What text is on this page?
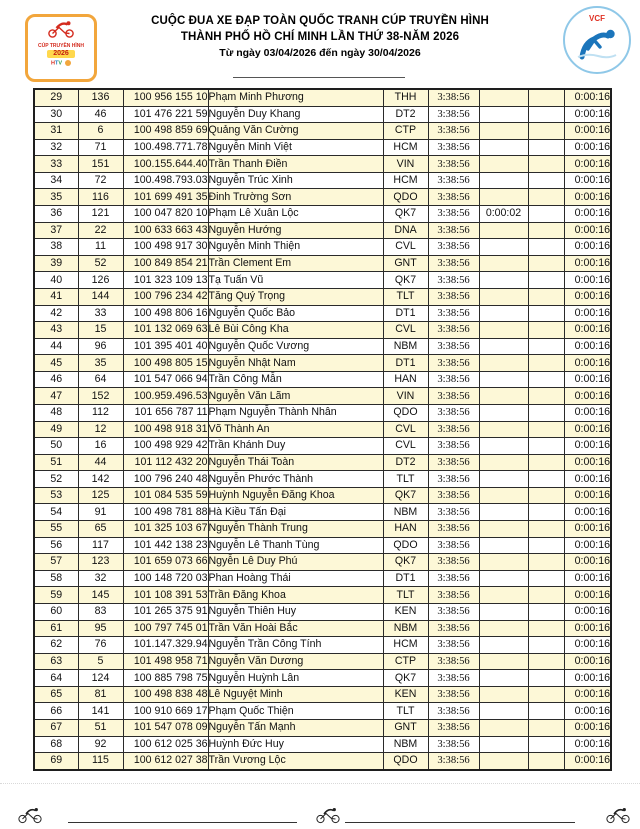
CÚP TRUYỀN HÌNH
2026
HTV
CUỘC ĐUA XE ĐẠP TOÀN QUỐC TRANH CÚP TRUYỀN HÌNH
THÀNH PHỐ HỒ CHÍ MINH LẦN THỨ 38-NĂM 2026
Từ ngày 03/04/2026 đến ngày 30/04/2026
VCF
29	136	100 956 155 10	Phạm Minh Phương	THH	3:38:56			0:00:16
30	46	101 476 221 59	Nguyễn Duy Khang	DT2	3:38:56			0:00:16
31	6	100 498 859 69	Quảng Văn Cường	CTP	3:38:56			0:00:16
32	71	100.498.771.78	Nguyễn Minh Việt	HCM	3:38:56			0:00:16
33	151	100.155.644.40	Trần Thanh Điền	VIN	3:38:56			0:00:16
34	72	100.498.793.03	Nguyễn Trúc Xinh	HCM	3:38:56			0:00:16
35	116	101 699 491 35	Đinh Trường Sơn	QDO	3:38:56			0:00:16
36	121	100 047 820 10	Phạm Lê Xuân Lộc	QK7	3:38:56	0:00:02		0:00:16
37	22	100 633 663 43	Nguyễn Hướng	DNA	3:38:56			0:00:16
38	11	100 498 917 30	Nguyễn Minh Thiện	CVL	3:38:56			0:00:16
39	52	100 849 854 21	Trần Clement Em	GNT	3:38:56			0:00:16
40	126	101 323 109 13	Tạ Tuấn Vũ	QK7	3:38:56			0:00:16
41	144	100 796 234 42	Tăng Quý Trọng	TLT	3:38:56			0:00:16
42	33	100 498 806 16	Nguyễn Quốc Bảo	DT1	3:38:56			0:00:16
43	15	101 132 069 63	Lê Bùi Công Kha	CVL	3:38:56			0:00:16
44	96	101 395 401 40	Nguyễn Quốc Vương	NBM	3:38:56			0:00:16
45	35	100 498 805 15	Nguyễn Nhật Nam	DT1	3:38:56			0:00:16
46	64	101 547 066 94	Trần Công Mẫn	HAN	3:38:56			0:00:16
47	152	100.959.496.53	Nguyễn Văn Lãm	VIN	3:38:56			0:00:16
48	112	101 656 787 11	Phạm Nguyễn Thành Nhân	QDO	3:38:56			0:00:16
49	12	100 498 918 31	Võ Thành An	CVL	3:38:56			0:00:16
50	16	100 498 929 42	Trần Khánh Duy	CVL	3:38:56			0:00:16
51	44	101 112 432 20	Nguyễn Thái Toàn	DT2	3:38:56			0:00:16
52	142	100 796 240 48	Nguyễn Phước Thành	TLT	3:38:56			0:00:16
53	125	101 084 535 59	Huỳnh Nguyễn Đăng Khoa	QK7	3:38:56			0:00:16
54	91	100 498 781 88	Hà Kiều Tấn Đại	NBM	3:38:56			0:00:16
55	65	101 325 103 67	Nguyễn Thành Trung	HAN	3:38:56			0:00:16
56	117	101 442 138 23	Nguyễn Lê Thanh Tùng	QDO	3:38:56			0:00:16
57	123	101 659 073 66	Ngyễn Lê Duy Phú	QK7	3:38:56			0:00:16
58	32	100 148 720 03	Phan Hoàng Thái	DT1	3:38:56			0:00:16
59	145	101 108 391 53	Trần Đăng Khoa	TLT	3:38:56			0:00:16
60	83	101 265 375 91	Nguyễn Thiên Huy	KEN	3:38:56			0:00:16
61	95	100 797 745 01	Trần Văn Hoài Bắc	NBM	3:38:56			0:00:16
62	76	101.147.329.94	Nguyễn Trần Công Tính	HCM	3:38:56			0:00:16
63	5	101 498 958 71	Nguyễn Văn Dương	CTP	3:38:56			0:00:16
64	124	100 885 798 75	Nguyễn Huỳnh Lân	QK7	3:38:56			0:00:16
65	81	100 498 838 48	Lê Nguyệt Minh	KEN	3:38:56			0:00:16
66	141	100 910 669 17	Phạm Quốc Thiện	TLT	3:38:56			0:00:16
67	51	101 547 078 09	Nguyễn Tấn Mạnh	GNT	3:38:56			0:00:16
68	92	100 612 025 36	Huỳnh Đức Huy	NBM	3:38:56			0:00:16
69	115	100 612 027 38	Trần Vương Lộc	QDO	3:38:56			0:00:16
